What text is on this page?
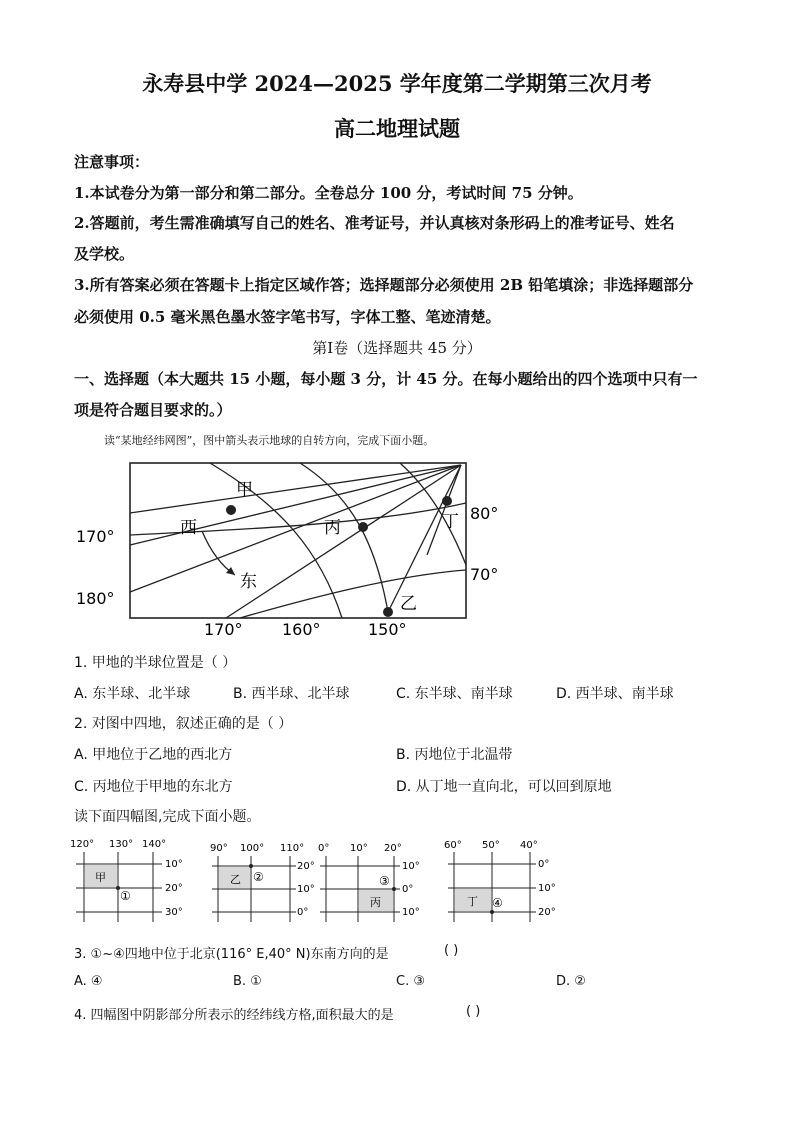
永寿县中学 2024—2025 学年度第二学期第三次月考
高二地理试题
注意事项：
1.本试卷分为第一部分和第二部分。全卷总分 100 分，考试时间 75 分钟。
2.答题前，考生需准确填写自己的姓名、准考证号，并认真核对条形码上的准考证号、姓名
及学校。
3.所有答案必须在答题卡上指定区域作答；选择题部分必须使用 2B 铅笔填涂；非选择题部分
必须使用 0.5 毫米黑色墨水签字笔书写，字体工整、笔迹清楚。
第Ⅰ卷（选择题共 45 分）
一、选择题（本大题共 15 小题，每小题 3 分，计 45 分。在每小题给出的四个选项中只有一
项是符合题目要求的。）
读“某地经纬网图”，图中箭头表示地球的自转方向，完成下面小题。
甲
丙	丁
乙
西
东
170°
180°
80°
70°
170° 160°	150°
1. 甲地的半球位置是（ ）
A. 东半球、北半球	B. 西半球、北半球	C. 东半球、南半球	D. 西半球、南半球
2. 对图中四地，叙述正确的是（ ）
A. 甲地位于乙地的西北方	B. 丙地位于北温带
C. 丙地位于甲地的东北方	D. 从丁地一直向北，可以回到原地
读下面四幅图,完成下面小题。
120° 130° 140°
甲
①
10°
20°
30°
90° 100° 110°
乙 ②
20°
10°
0°
0° 10° 20°
丙
③
10°
0°
10°
60° 50° 40°
丁 ④
0°
10°
20°
3. ①~④四地中位于北京(116° E,40° N)东南方向的是	( )
A. ④	B. ①	C. ③	D. ②
4. 四幅图中阴影部分所表示的经纬线方格,面积最大的是	( )
